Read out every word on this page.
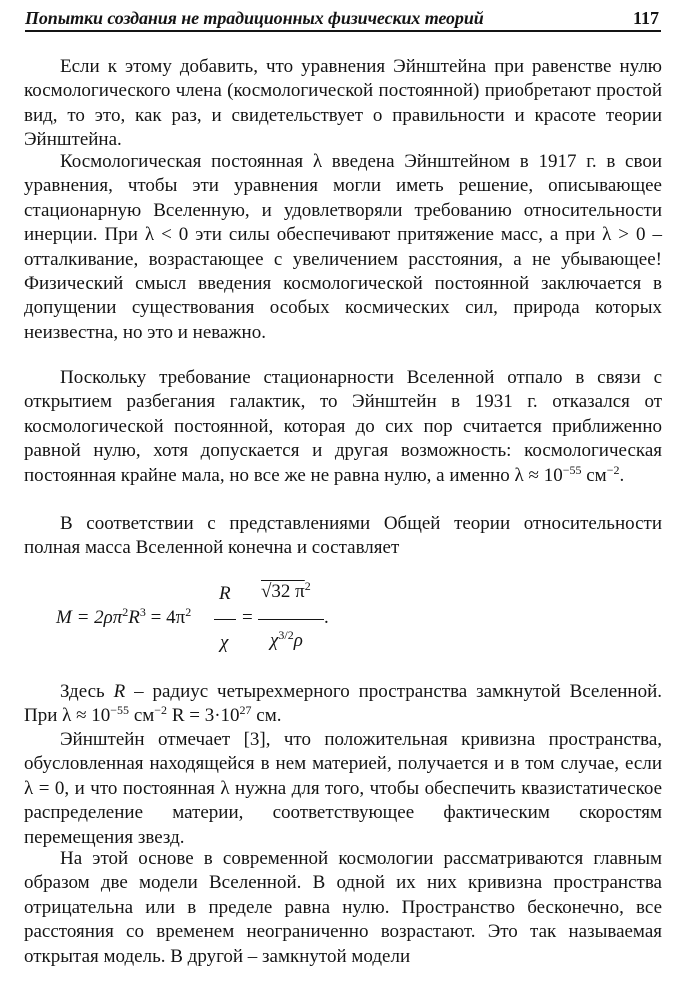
Попытки создания не традиционных физических теорий	117

Если к этому добавить, что уравнения Эйнштейна при равенстве нулю космологического члена (космологической постоянной) приобретают простой вид, то это, как раз, и свидетельствует о правильности и красоте теории Эйнштейна.

Космологическая постоянная λ введена Эйнштейном в 1917 г. в свои уравнения, чтобы эти уравнения могли иметь решение, описывающее стационарную Вселенную, и удовлетворяли требованию относительности инерции. При λ < 0 эти силы обеспечивают притяжение масс, а при λ > 0 – отталкивание, возрастающее с увеличением расстояния, а не убывающее! Физический смысл введения космологической постоянной заключается в допущении существования особых космических сил, природа которых неизвестна, но это и неважно.

Поскольку требование стационарности Вселенной отпало в связи с открытием разбегания галактик, то Эйнштейн в 1931 г. отказался от космологической постоянной, которая до сих пор считается приближенно равной нулю, хотя допускается и другая возможность: космологическая постоянная крайне мала, но все же не равна нулю, а именно $\lambda \approx 10^{-55}$ $см^{-2}$.

В соответствии с представлениями Общей теории относительности полная масса Вселенной конечна и составляет

$M = 2\rho\pi^2R^3 = 4\pi^2$
R
χ
=
√32 $\pi^2$
$\chi^{3/2}\rho$
.

Здесь R – радиус четырехмерного пространства замкнутой Вселенной. При $\lambda \approx 10^{-55}$ $см^{-2}$ $R = 3\cdot 10^{27}$ см.

Эйнштейн отмечает [3], что положительная кривизна пространства, обусловленная находящейся в нем материей, получается и в том случае, если λ = 0, и что постоянная λ нужна для того, чтобы обеспечить квазистатическое распределение материи, соответствующее фактическим скоростям перемещения звезд.

На этой основе в современной космологии рассматриваются главным образом две модели Вселенной. В одной их них кривизна пространства отрицательна или в пределе равна нулю. Пространство бесконечно, все расстояния со временем неограниченно возрастают. Это так называемая открытая модель. В другой – замкнутой модели
